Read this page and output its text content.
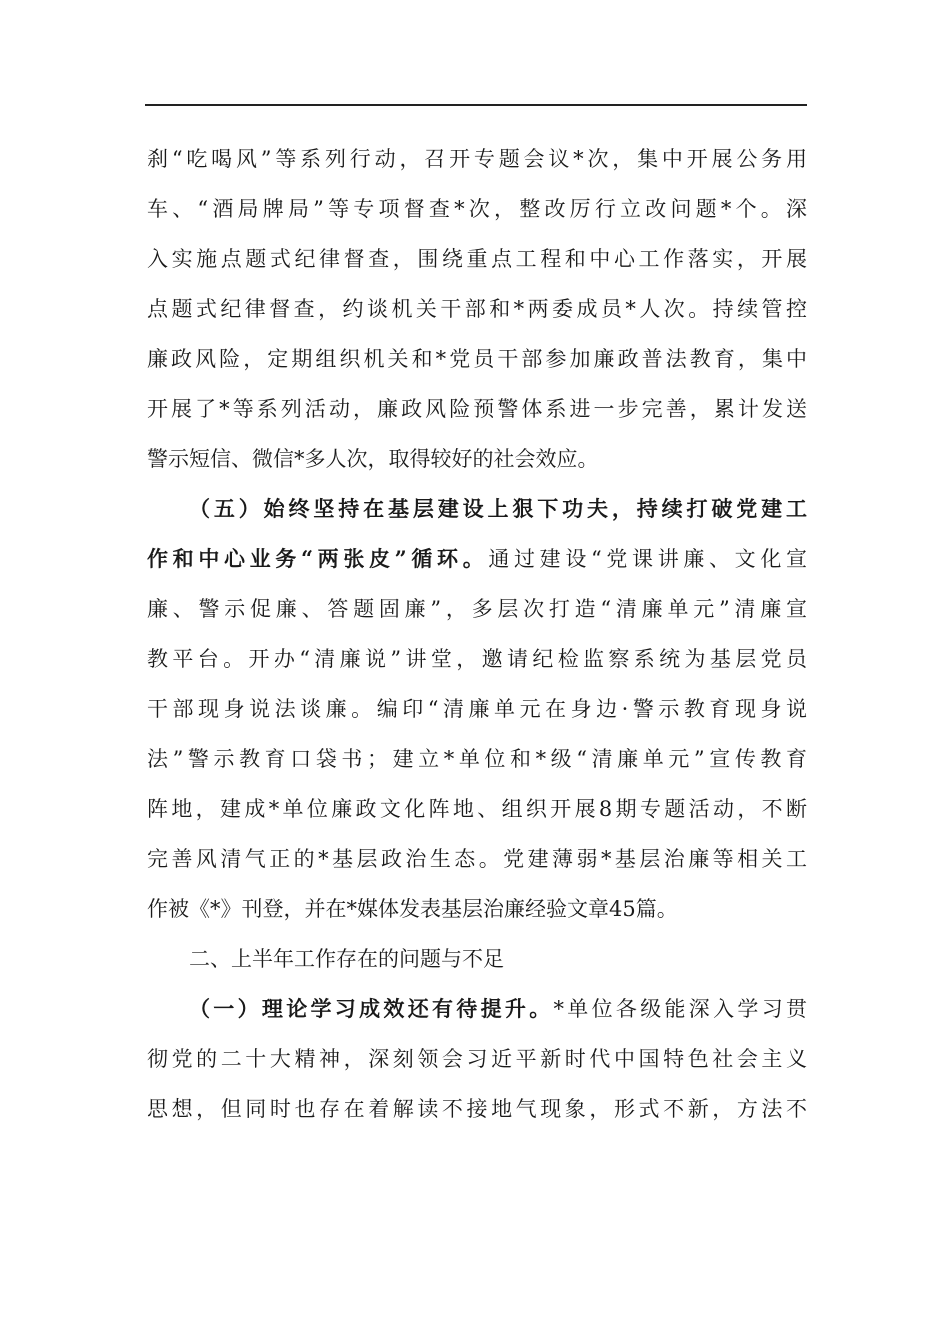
刹“吃喝风”等系列行动，召开专题会议*次，集中开展公务用
车、“酒局牌局”等专项督查*次，整改厉行立改问题*个。深
入实施点题式纪律督查，围绕重点工程和中心工作落实，开展
点题式纪律督查，约谈机关干部和*两委成员*人次。持续管控
廉政风险，定期组织机关和*党员干部参加廉政普法教育，集中
开展了*等系列活动，廉政风险预警体系进一步完善，累计发送
警示短信、微信*多人次，取得较好的社会效应。
（五）始终坚持在基层建设上狠下功夫，持续打破党建工
作和中心业务“两张皮”循环。通过建设“党课讲廉、文化宣
廉、警示促廉、答题固廉”，多层次打造“清廉单元”清廉宣
教平台。开办“清廉说”讲堂，邀请纪检监察系统为基层党员
干部现身说法谈廉。编印“清廉单元在身边·警示教育现身说
法”警示教育口袋书；建立*单位和*级“清廉单元”宣传教育
阵地，建成*单位廉政文化阵地、组织开展8期专题活动，不断
完善风清气正的*基层政治生态。党建薄弱*基层治廉等相关工
作被《*》刊登，并在*媒体发表基层治廉经验文章45篇。
二、上半年工作存在的问题与不足
（一）理论学习成效还有待提升。*单位各级能深入学习贯
彻党的二十大精神，深刻领会习近平新时代中国特色社会主义
思想，但同时也存在着解读不接地气现象，形式不新，方法不
